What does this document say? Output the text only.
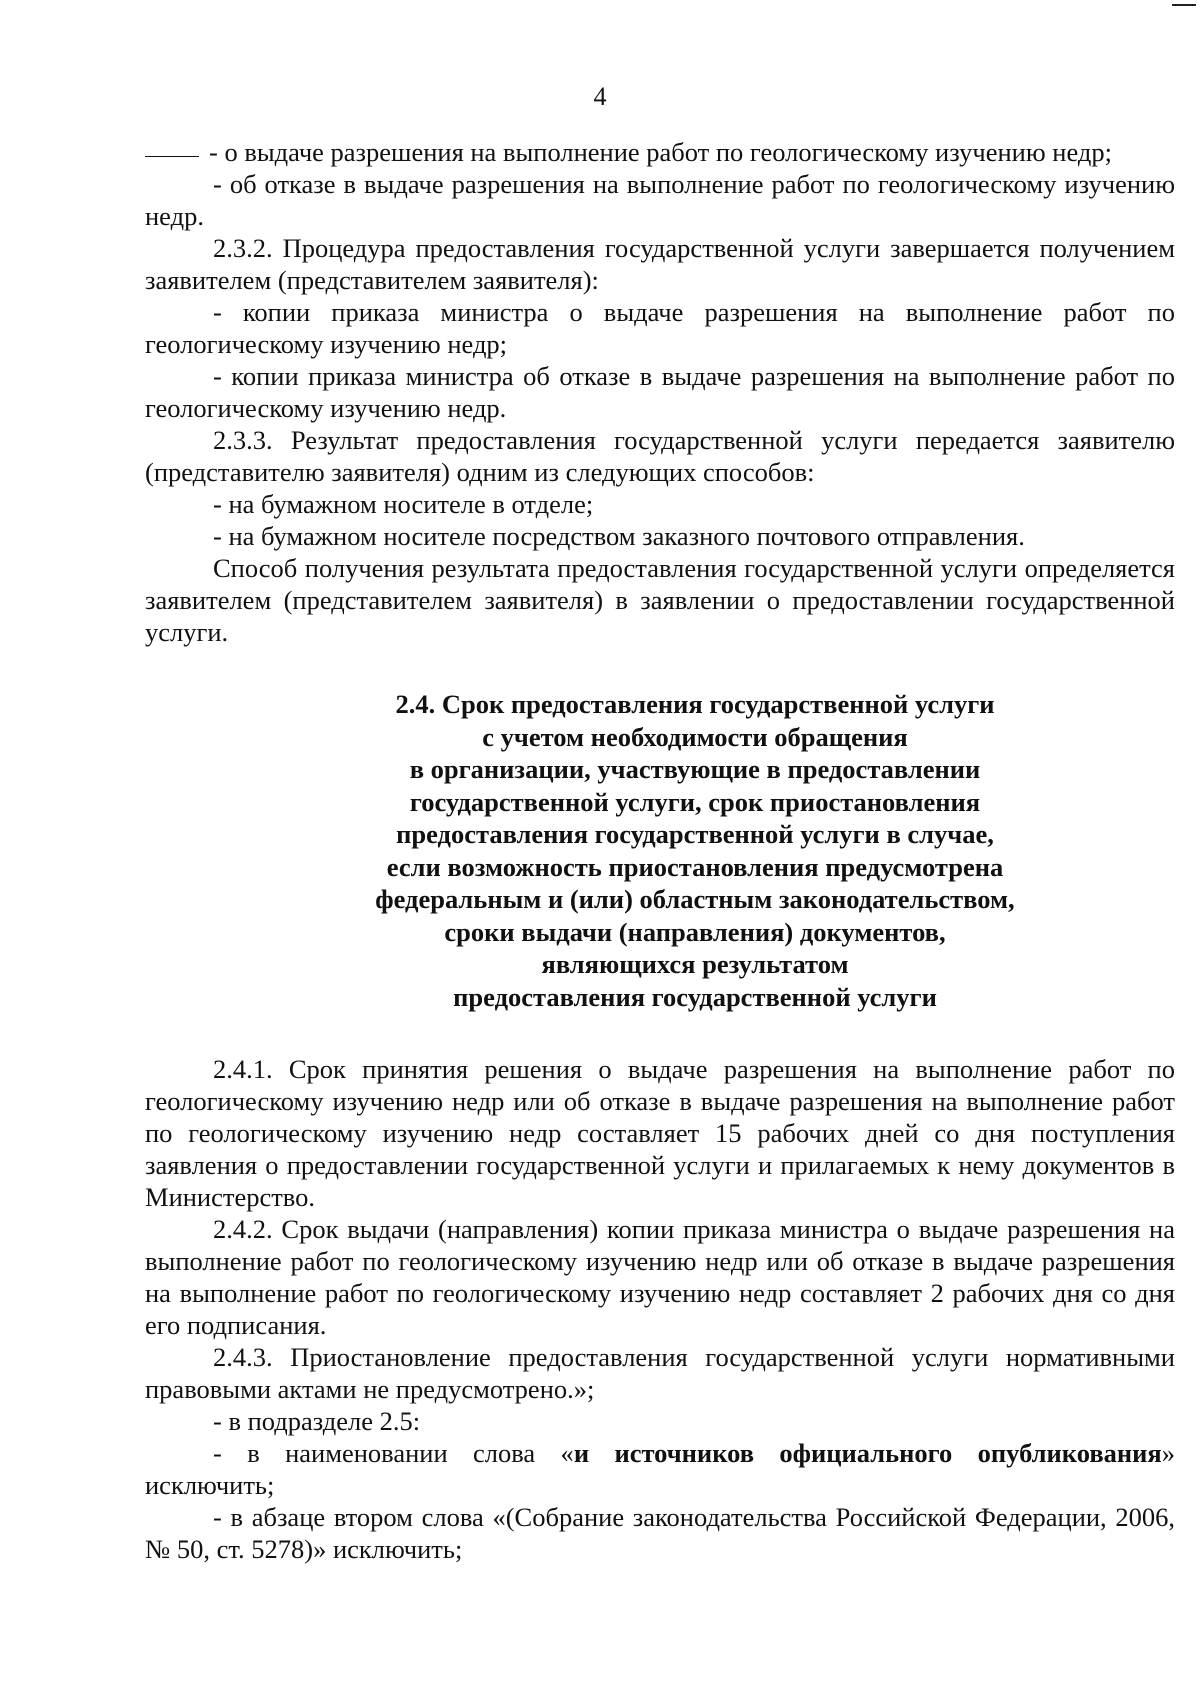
4

- о выдаче разрешения на выполнение работ по геологическому изучению недр;

- об отказе в выдаче разрешения на выполнение работ по геологическому изучению недр.

2.3.2. Процедура предоставления государственной услуги завершается получением заявителем (представителем заявителя):

- копии приказа министра о выдаче разрешения на выполнение работ по геологическому изучению недр;

- копии приказа министра об отказе в выдаче разрешения на выполнение работ по геологическому изучению недр.

2.3.3. Результат предоставления государственной услуги передается заявителю (представителю заявителя) одним из следующих способов:

- на бумажном носителе в отделе;

- на бумажном носителе посредством заказного почтового отправления.

Способ получения результата предоставления государственной услуги определяется заявителем (представителем заявителя) в заявлении о предоставлении государственной услуги.

2.4. Срок предоставления государственной услуги
с учетом необходимости обращения
в организации, участвующие в предоставлении
государственной услуги, срок приостановления
предоставления государственной услуги в случае,
если возможность приостановления предусмотрена
федеральным и (или) областным законодательством,
сроки выдачи (направления) документов,
являющихся результатом
предоставления государственной услуги

2.4.1. Срок принятия решения о выдаче разрешения на выполнение работ по геологическому изучению недр или об отказе в выдаче разрешения на выполнение работ по геологическому изучению недр составляет 15 рабочих дней со дня поступления заявления о предоставлении государственной услуги и прилагаемых к нему документов в Министерство.

2.4.2. Срок выдачи (направления) копии приказа министра о выдаче разрешения на выполнение работ по геологическому изучению недр или об отказе в выдаче разрешения на выполнение работ по геологическому изучению недр составляет 2 рабочих дня со дня его подписания.

2.4.3. Приостановление предоставления государственной услуги нормативными правовыми актами не предусмотрено.»;

- в подразделе 2.5:

- в наименовании слова «и источников официального опубликования» исключить;

- в абзаце втором слова «(Собрание законодательства Российской Федерации, 2006, № 50, ст. 5278)» исключить;
